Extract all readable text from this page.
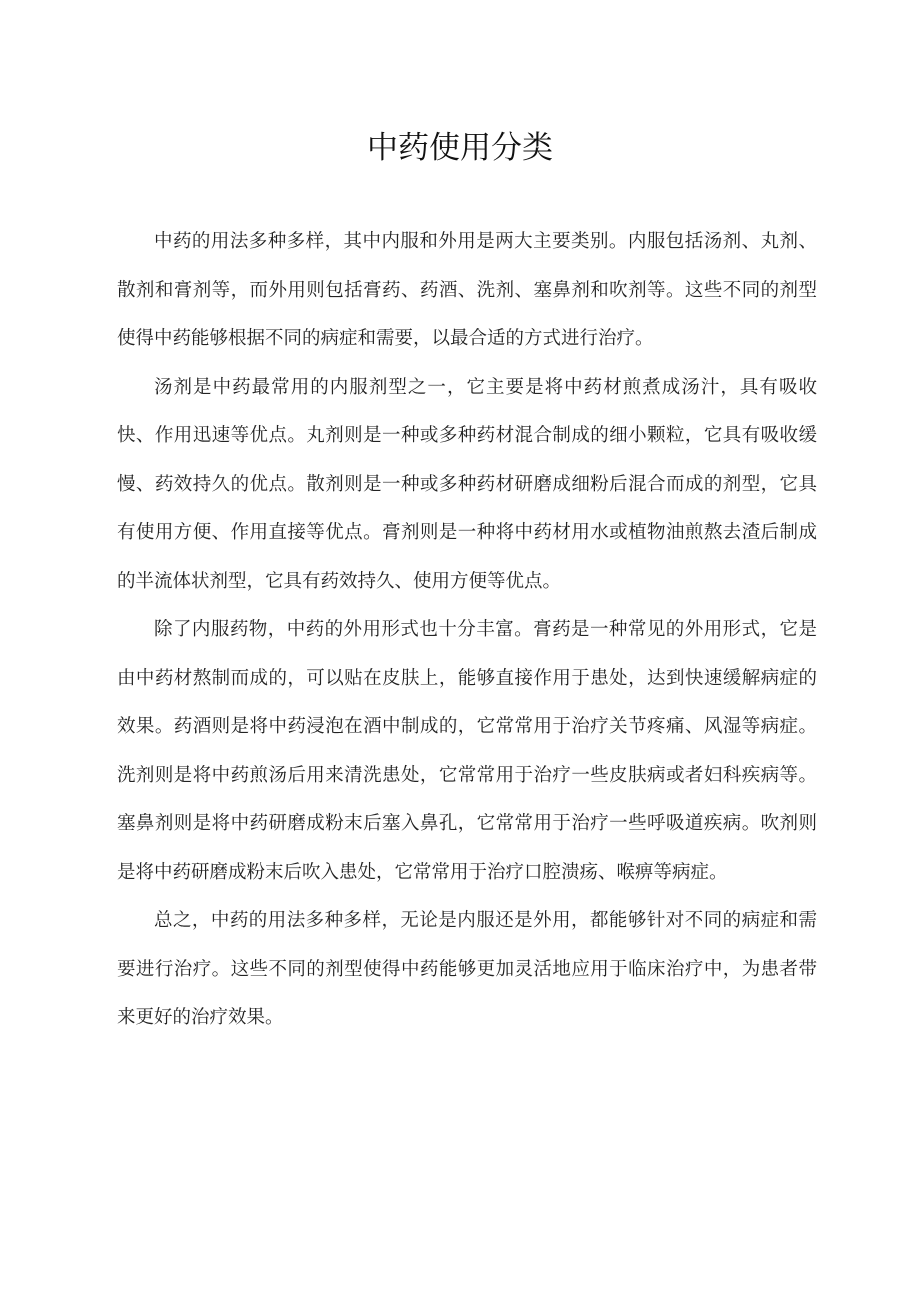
中药使用分类

中药的用法多种多样，其中内服和外用是两大主要类别。内服包括汤剂、丸剂、散剂和膏剂等，而外用则包括膏药、药酒、洗剂、塞鼻剂和吹剂等。这些不同的剂型使得中药能够根据不同的病症和需要，以最合适的方式进行治疗。

汤剂是中药最常用的内服剂型之一，它主要是将中药材煎煮成汤汁，具有吸收快、作用迅速等优点。丸剂则是一种或多种药材混合制成的细小颗粒，它具有吸收缓慢、药效持久的优点。散剂则是一种或多种药材研磨成细粉后混合而成的剂型，它具有使用方便、作用直接等优点。膏剂则是一种将中药材用水或植物油煎熬去渣后制成的半流体状剂型，它具有药效持久、使用方便等优点。

除了内服药物，中药的外用形式也十分丰富。膏药是一种常见的外用形式，它是由中药材熬制而成的，可以贴在皮肤上，能够直接作用于患处，达到快速缓解病症的效果。药酒则是将中药浸泡在酒中制成的，它常常用于治疗关节疼痛、风湿等病症。洗剂则是将中药煎汤后用来清洗患处，它常常用于治疗一些皮肤病或者妇科疾病等。塞鼻剂则是将中药研磨成粉末后塞入鼻孔，它常常用于治疗一些呼吸道疾病。吹剂则是将中药研磨成粉末后吹入患处，它常常用于治疗口腔溃疡、喉痹等病症。

总之，中药的用法多种多样，无论是内服还是外用，都能够针对不同的病症和需要进行治疗。这些不同的剂型使得中药能够更加灵活地应用于临床治疗中，为患者带来更好的治疗效果。
